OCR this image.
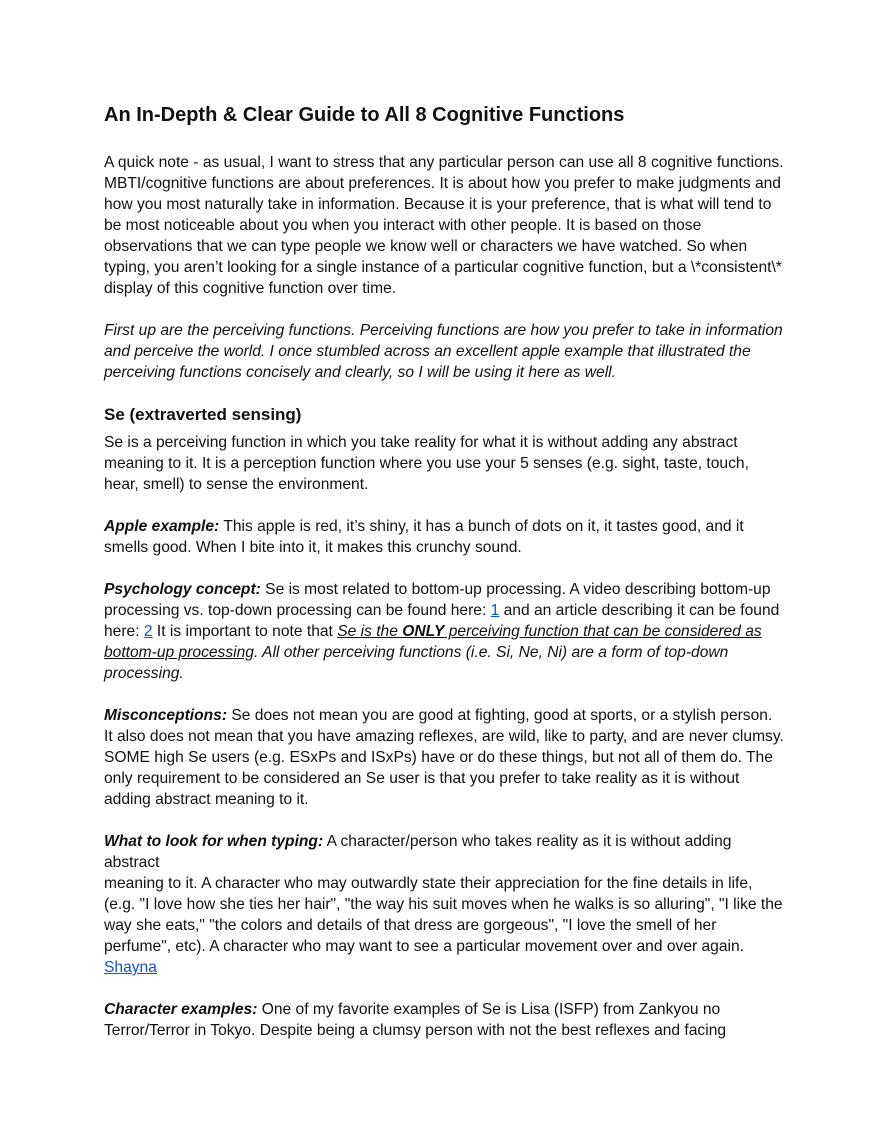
An In-Depth & Clear Guide to All 8 Cognitive Functions

A quick note - as usual, I want to stress that any particular person can use all 8 cognitive functions. MBTI/cognitive functions are about preferences. It is about how you prefer to make judgments and how you most naturally take in information. Because it is your preference, that is what will tend to be most noticeable about you when you interact with other people. It is based on those observations that we can type people we know well or characters we have watched. So when typing, you aren’t looking for a single instance of a particular cognitive function, but a \*consistent\* display of this cognitive function over time.

First up are the perceiving functions. Perceiving functions are how you prefer to take in information and perceive the world. I once stumbled across an excellent apple example that illustrated the perceiving functions concisely and clearly, so I will be using it here as well.

Se (extraverted sensing)

Se is a perceiving function in which you take reality for what it is without adding any abstract meaning to it. It is a perception function where you use your 5 senses (e.g. sight, taste, touch, hear, smell) to sense the environment.

Apple example: This apple is red, it’s shiny, it has a bunch of dots on it, it tastes good, and it smells good. When I bite into it, it makes this crunchy sound.

Psychology concept: Se is most related to bottom-up processing. A video describing bottom-up processing vs. top-down processing can be found here: 1 and an article describing it can be found here: 2 It is important to note that Se is the ONLY perceiving function that can be considered as bottom-up processing. All other perceiving functions (i.e. Si, Ne, Ni) are a form of top-down processing.

Misconceptions: Se does not mean you are good at fighting, good at sports, or a stylish person. It also does not mean that you have amazing reflexes, are wild, like to party, and are never clumsy. SOME high Se users (e.g. ESxPs and ISxPs) have or do these things, but not all of them do. The only requirement to be considered an Se user is that you prefer to take reality as it is without adding abstract meaning to it.

What to look for when typing: A character/person who takes reality as it is without adding abstract

meaning to it. A character who may outwardly state their appreciation for the fine details in life, (e.g. "I love how she ties her hair", "the way his suit moves when he walks is so alluring", "I like the way she eats," "the colors and details of that dress are gorgeous", "I love the smell of her perfume", etc). A character who may want to see a particular movement over and over again.
Shayna

Character examples: One of my favorite examples of Se is Lisa (ISFP) from Zankyou no Terror/Terror in Tokyo. Despite being a clumsy person with not the best reflexes and facing
